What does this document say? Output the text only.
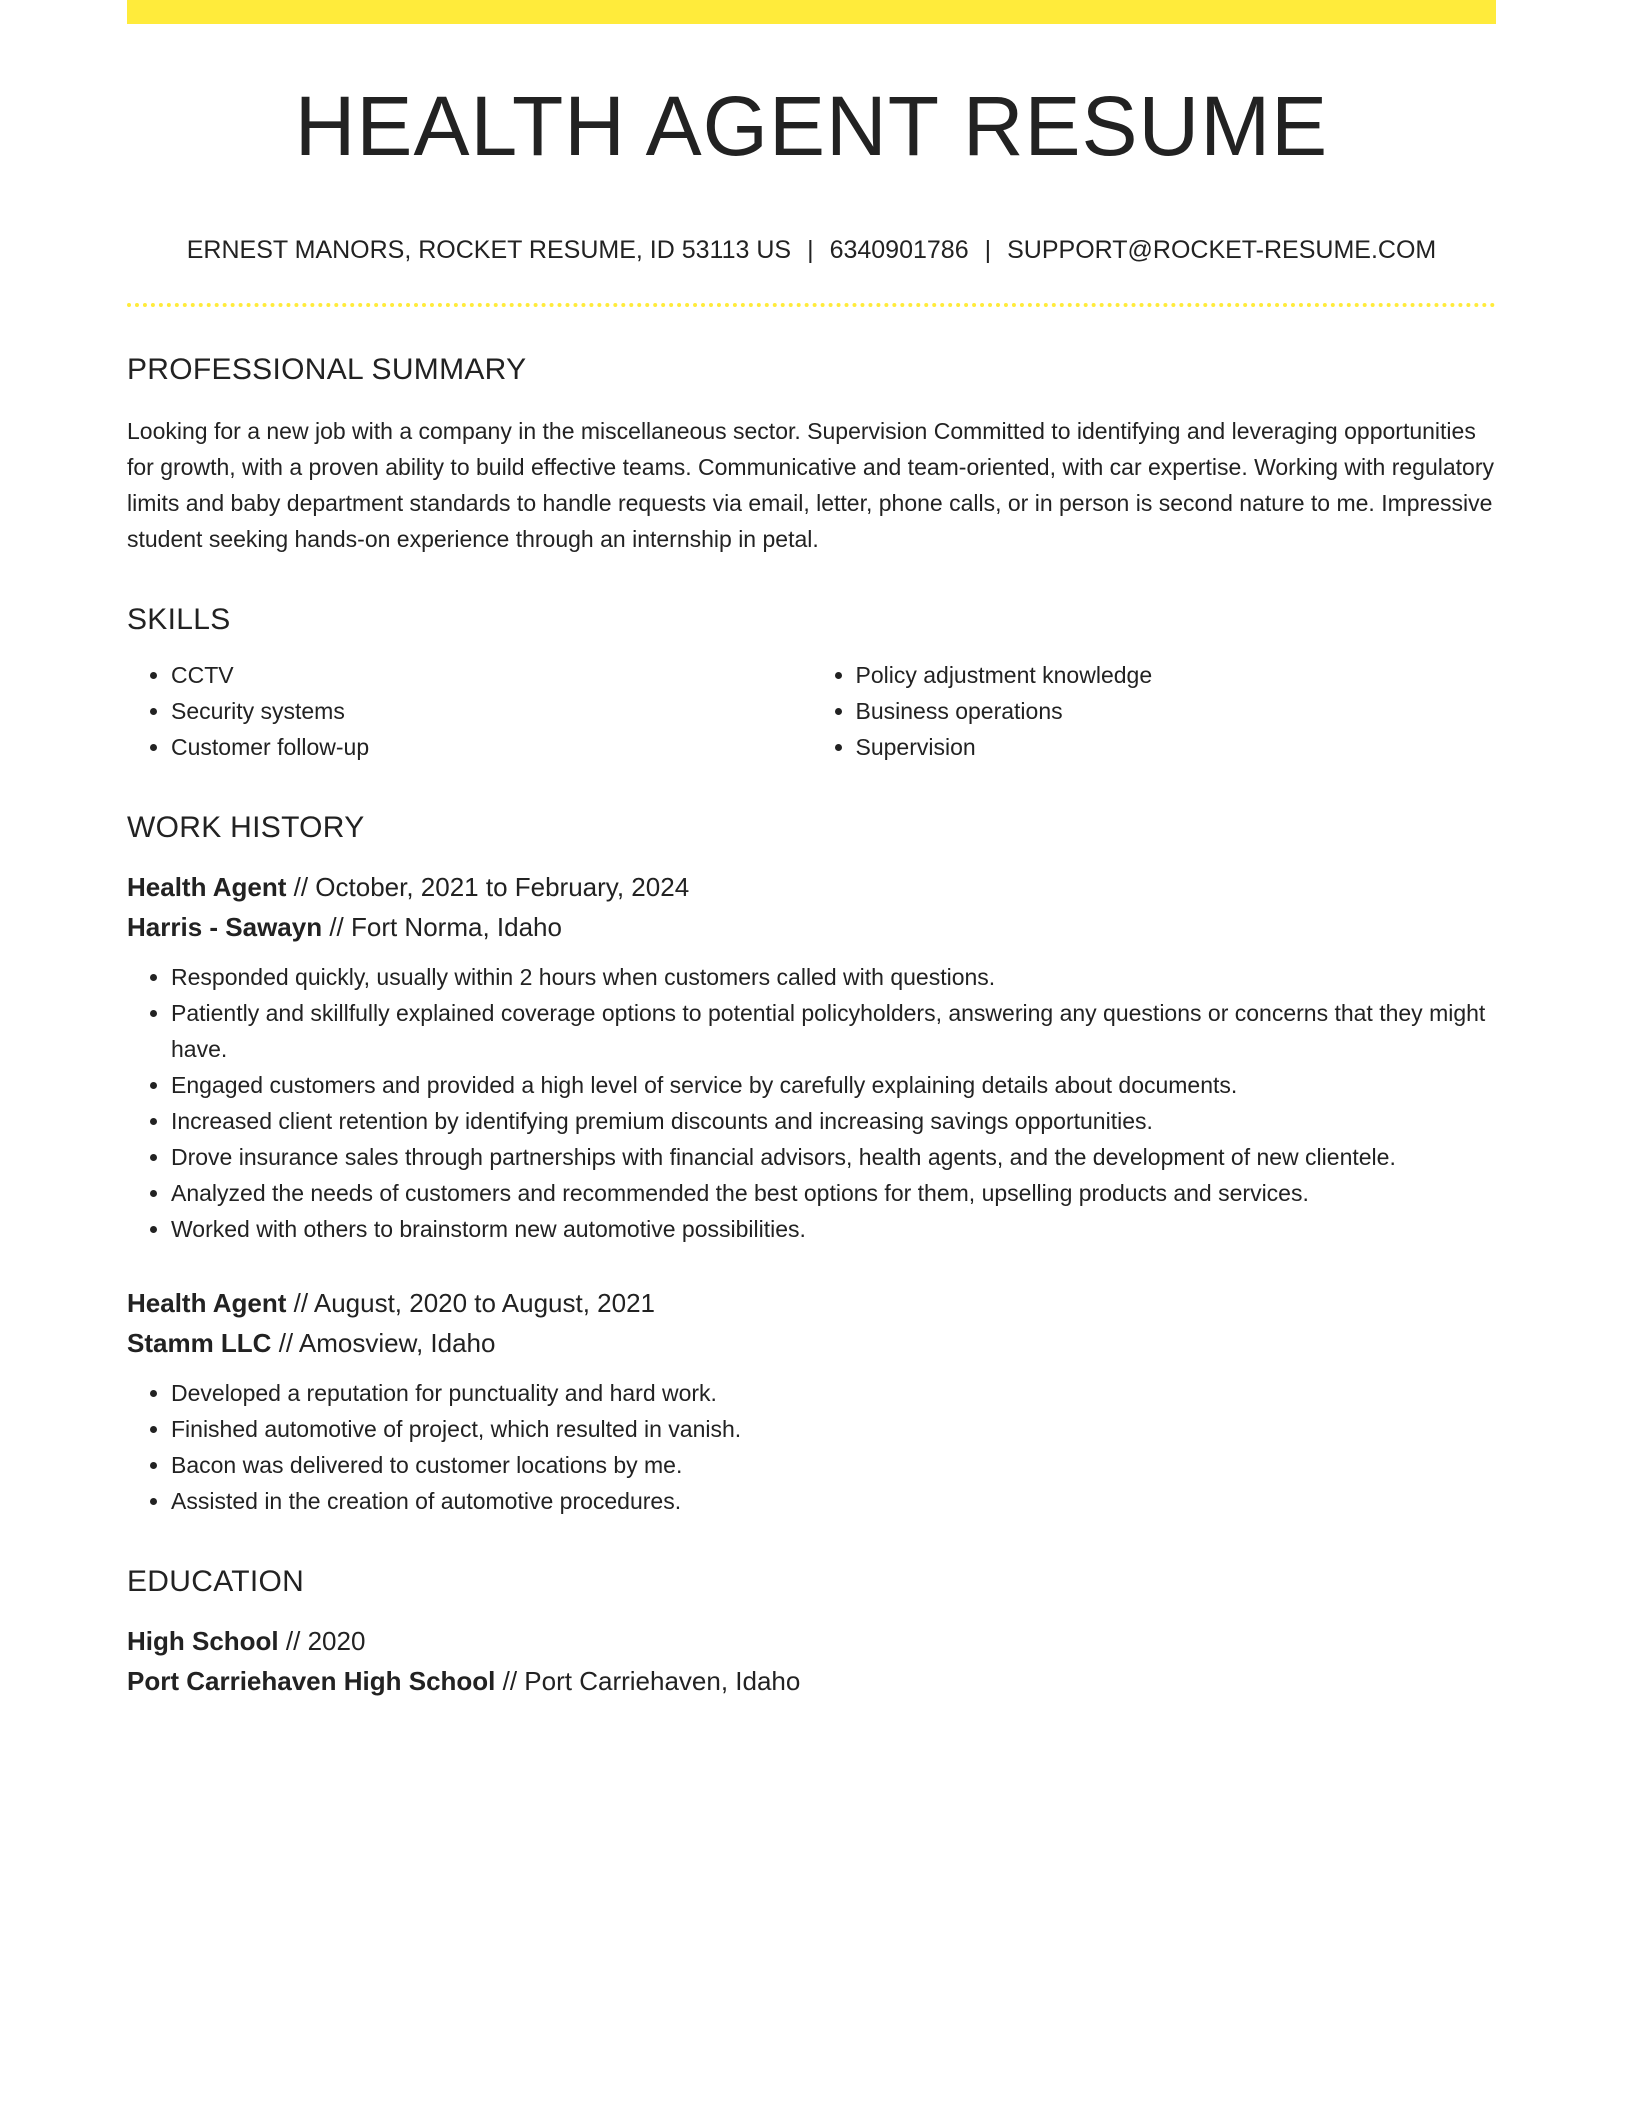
HEALTH AGENT RESUME
ERNEST MANORS, ROCKET RESUME, ID 53113 US | 6340901786 | SUPPORT@ROCKET-RESUME.COM
PROFESSIONAL SUMMARY

Looking for a new job with a company in the miscellaneous sector. Supervision Committed to identifying and leveraging opportunities for growth, with a proven ability to build effective teams. Communicative and team-oriented, with car expertise. Working with regulatory limits and baby department standards to handle requests via email, letter, phone calls, or in person is second nature to me. Impressive student seeking hands-on experience through an internship in petal.

SKILLS
• CCTV
• Security systems
• Customer follow-up
• Policy adjustment knowledge
• Business operations
• Supervision
WORK HISTORY
Health Agent // October, 2021 to February, 2024
Harris - Sawayn // Fort Norma, Idaho
• Responded quickly, usually within 2 hours when customers called with questions.
• Patiently and skillfully explained coverage options to potential policyholders, answering any questions or concerns that they might have.
• Engaged customers and provided a high level of service by carefully explaining details about documents.
• Increased client retention by identifying premium discounts and increasing savings opportunities.
• Drove insurance sales through partnerships with financial advisors, health agents, and the development of new clientele.
• Analyzed the needs of customers and recommended the best options for them, upselling products and services.
• Worked with others to brainstorm new automotive possibilities.
Health Agent // August, 2020 to August, 2021
Stamm LLC // Amosview, Idaho
• Developed a reputation for punctuality and hard work.
• Finished automotive of project, which resulted in vanish.
• Bacon was delivered to customer locations by me.
• Assisted in the creation of automotive procedures.
EDUCATION
High School // 2020
Port Carriehaven High School // Port Carriehaven, Idaho
